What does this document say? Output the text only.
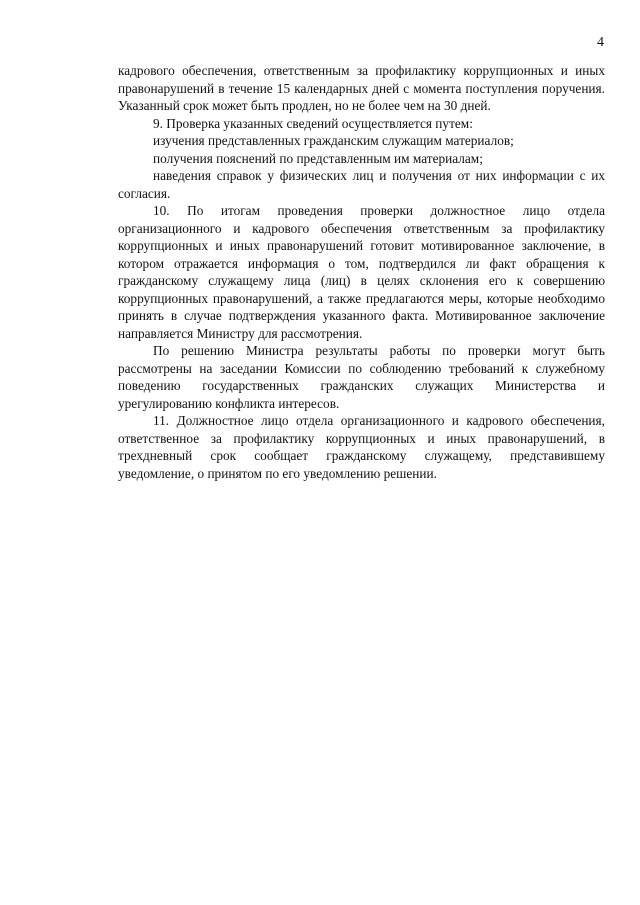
4

кадрового обеспечения, ответственным за профилактику коррупционных и иных правонарушений в течение 15 календарных дней с момента поступления поручения. Указанный срок может быть продлен, но не более чем на 30 дней.

9. Проверка указанных сведений осуществляется путем:

изучения представленных гражданским служащим материалов;

получения пояснений по представленным им материалам;

наведения справок у физических лиц и получения от них информации с их согласия.

10. По итогам проведения проверки должностное лицо отдела организационного и кадрового обеспечения ответственным за профилактику коррупционных и иных правонарушений готовит мотивированное заключение, в котором отражается информация о том, подтвердился ли факт обращения к гражданскому служащему лица (лиц) в целях склонения его к совершению коррупционных правонарушений, а также предлагаются меры, которые необходимо принять в случае подтверждения указанного факта. Мотивированное заключение направляется Министру для рассмотрения.

По решению Министра результаты работы по проверки могут быть рассмотрены на заседании Комиссии по соблюдению требований к служебному поведению государственных гражданских служащих Министерства и урегулированию конфликта интересов.

11. Должностное лицо отдела организационного и кадрового обеспечения, ответственное за профилактику коррупционных и иных правонарушений, в трехдневный срок сообщает гражданскому служащему, представившему уведомление, о принятом по его уведомлению решении.
